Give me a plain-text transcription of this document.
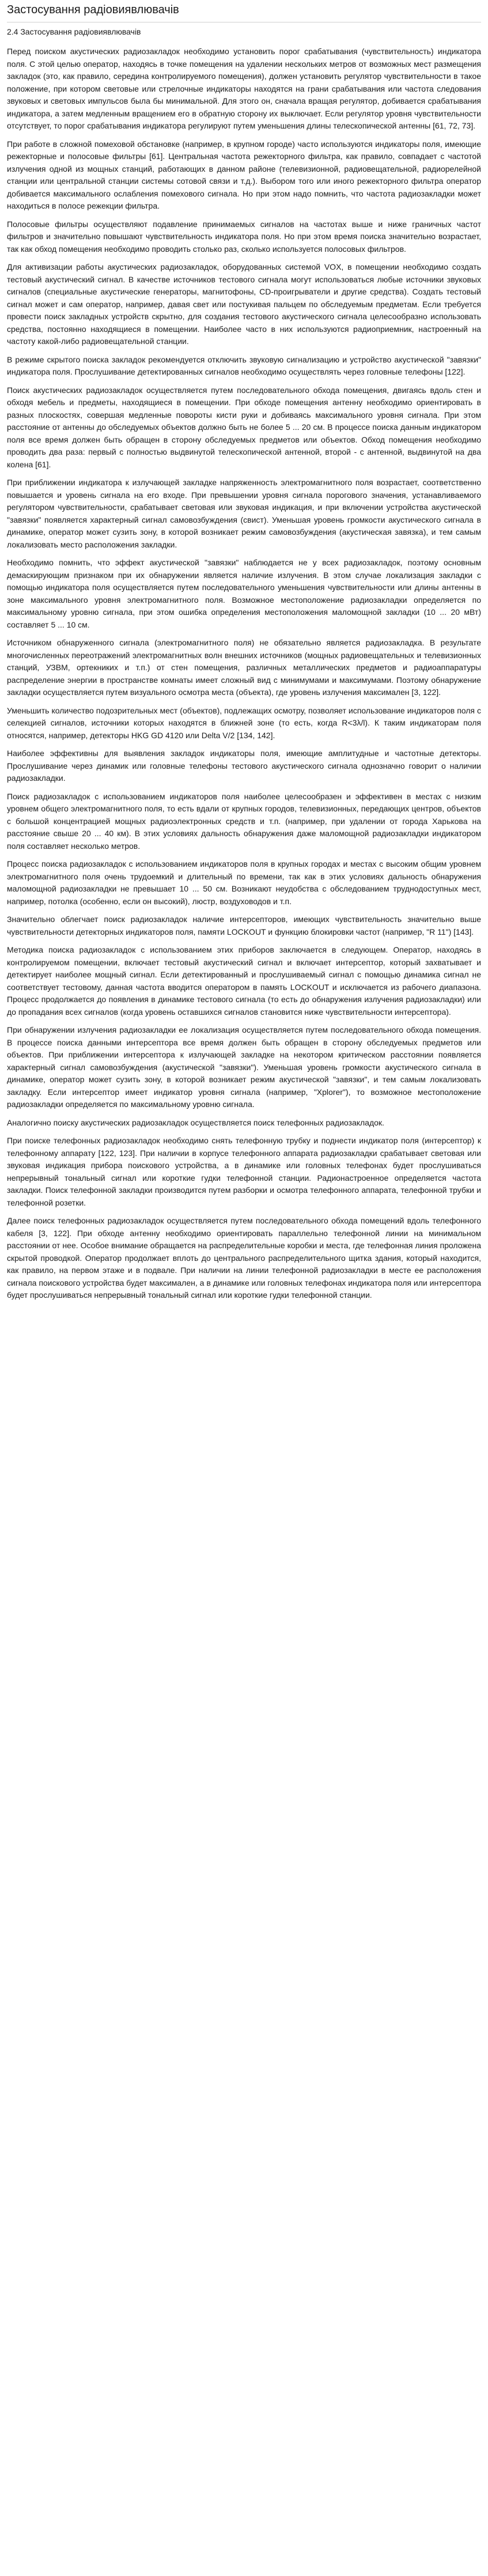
Застосування радіовиявлювачів
2.4 Застосування радіовиявлювачів

Перед поиском акустических радиозакладок необходимо установить порог срабатывания (чувствительность) индикатора поля. С этой целью оператор, находясь в точке помещения на удалении нескольких метров от возможных мест размещения закладок (это, как правило, середина контролируемого помещения), должен установить регулятор чувствительности в такое положение, при котором световые или стрелочные индикаторы находятся на грани срабатывания или частота следования звуковых и световых импульсов была бы минимальной. Для этого он, сначала вращая регулятор, добивается срабатывания индикатора, а затем медленным вращением его в обратную сторону их выключает. Если регулятор уровня чувствительности отсутствует, то порог срабатывания индикатора регулируют путем уменьшения длины телескопической антенны [61, 72, 73].

При работе в сложной помеховой обстановке (например, в крупном городе) часто используются индикаторы поля, имеющие режекторные и полосовые фильтры [61]. Центральная частота режекторного фильтра, как правило, совпадает с частотой излучения одной из мощных станций, работающих в данном районе (телевизионной, радиовещательной, радиорелейной станции или центральной станции системы сотовой связи и т.д.). Выбором того или иного режекторного фильтра оператор добивается максимального ослабления помехового сигнала. Но при этом надо помнить, что частота радиозакладки может находиться в полосе режекции фильтра.

Полосовые фильтры осуществляют подавление принимаемых сигналов на частотах выше и ниже граничных частот фильтров и значительно повышают чувствительность индикатора поля. Но при этом время поиска значительно возрастает, так как обход помещения необходимо проводить столько раз, сколько используется полосовых фильтров.

Для активизации работы акустических радиозакладок, оборудованных системой VOX, в помещении необходимо создать тестовый акустический сигнал. В качестве источников тестового сигнала могут использоваться любые источники звуковых сигналов (специальные акустические генераторы, магнитофоны, CD-проигрыватели и другие средства). Создать тестовый сигнал может и сам оператор, например, давая свет или постукивая пальцем по обследуемым предметам. Если требуется провести поиск закладных устройств скрытно, для создания тестового акустического сигнала целесообразно использовать средства, постоянно находящиеся в помещении. Наиболее часто в них используются радиоприемник, настроенный на частоту какой-либо радиовещательной станции.

В режиме скрытого поиска закладок рекомендуется отключить звуковую сигнализацию и устройство акустической "завязки" индикатора поля. Прослушивание детектированных сигналов необходимо осуществлять через головные телефоны [122].

Поиск акустических радиозакладок осуществляется путем последовательного обхода помещения, двигаясь вдоль стен и обходя мебель и предметы, находящиеся в помещении. При обходе помещения антенну необходимо ориентировать в разных плоскостях, совершая медленные повороты кисти руки и добиваясь максимального уровня сигнала. При этом расстояние от антенны до обследуемых объектов должно быть не более 5 ... 20 см. В процессе поиска данным индикатором поля все время должен быть обращен в сторону обследуемых предметов или объектов. Обход помещения необходимо проводить два раза: первый с полностью выдвинутой телескопической антенной, второй - с антенной, выдвинутой на два колена [61].

При приближении индикатора к излучающей закладке напряженность электромагнитного поля возрастает, соответственно повышается и уровень сигнала на его входе. При превышении уровня сигнала порогового значения, устанавливаемого регулятором чувствительности, срабатывает световая или звуковая индикация, и при включении устройства акустической "завязки" появляется характерный сигнал самовозбуждения (свист). Уменьшая уровень громкости акустического сигнала в динамике, оператор может сузить зону, в которой возникает режим самовозбуждения (акустическая завязка), и тем самым локализовать место расположения закладки.

Необходимо помнить, что эффект акустической "завязки" наблюдается не у всех радиозакладок, поэтому основным демаскирующим признаком при их обнаружении является наличие излучения. В этом случае локализация закладки с помощью индикатора поля осуществляется путем последовательного уменьшения чувствительности или длины антенны в зоне максимального уровня электромагнитного поля. Возможное местоположение радиозакладки определяется по максимальному уровню сигнала, при этом ошибка определения местоположения маломощной закладки (10 ... 20 мВт) составляет 5 ... 10 см.

Источником обнаруженного сигнала (электромагнитного поля) не обязательно является радиозакладка. В результате многочисленных переотражений электромагнитных волн внешних источников (мощных радиовещательных и телевизионных станций, УЗВМ, ортекниких и т.п.) от стен помещения, различных металлических предметов и радиоаппаратуры распределение энергии в пространстве комнаты имеет сложный вид с минимумами и максимумами. Поэтому обнаружение закладки осуществляется путем визуального осмотра места (объекта), где уровень излучения максимален [3, 122].

Уменьшить количество подозрительных мест (объектов), подлежащих осмотру, позволяет использование индикаторов поля с селекцией сигналов, источники которых находятся в ближней зоне (то есть, когда R<3λ/l). К таким индикаторам поля относятся, например, детекторы HKG GD 4120 или Delta V/2 [134, 142].

Наиболее эффективны для выявления закладок индикаторы поля, имеющие амплитудные и частотные детекторы. Прослушивание через динамик или головные телефоны тестового акустического сигнала однозначно говорит о наличии радиозакладки.

Поиск радиозакладок с использованием индикаторов поля наиболее целесообразен и эффективен в местах с низким уровнем общего электромагнитного поля, то есть вдали от крупных городов, телевизионных, передающих центров, объектов с большой концентрацией мощных радиоэлектронных средств и т.п. (например, при удалении от города Харькова на расстояние свыше 20 ... 40 км). В этих условиях дальность обнаружения даже маломощной радиозакладки индикатором поля составляет несколько метров.

Процесс поиска радиозакладок с использованием индикаторов поля в крупных городах и местах с высоким общим уровнем электромагнитного поля очень трудоемкий и длительный по времени, так как в этих условиях дальность обнаружения маломощной радиозакладки не превышает 10 ... 50 см. Возникают неудобства с обследованием труднодоступных мест, например, потолка (особенно, если он высокий), люстр, воздуховодов и т.п.

Значительно облегчает поиск радиозакладок наличие интерсепторов, имеющих чувствительность значительно выше чувствительности детекторных индикаторов поля, памяти LOCKOUT и функцию блокировки частот (например, "R 11") [143].

Методика поиска радиозакладок с использованием этих приборов заключается в следующем. Оператор, находясь в контролируемом помещении, включает тестовый акустический сигнал и включает интерсептор, который захватывает и детектирует наиболее мощный сигнал. Если детектированный и прослушиваемый сигнал с помощью динамика сигнал не соответствует тестовому, данная частота вводится оператором в память LOCKOUT и исключается из рабочего диапазона. Процесс продолжается до появления в динамике тестового сигнала (то есть до обнаружения излучения радиозакладки) или до пропадания всех сигналов (когда уровень оставшихся сигналов становится ниже чувствительности интерсептора).

При обнаружении излучения радиозакладки ее локализация осуществляется путем последовательного обхода помещения. В процессе поиска данными интерсептора все время должен быть обращен в сторону обследуемых предметов или объектов. При приближении интерсептора к излучающей закладке на некотором критическом расстоянии появляется характерный сигнал самовозбуждения (акустической "завязки"). Уменьшая уровень громкости акустического сигнала в динамике, оператор может сузить зону, в которой возникает режим акустической "завязки", и тем самым локализовать закладку. Если интерсептор имеет индикатор уровня сигнала (например, "Xplorer"), то возможное местоположение радиозакладки определяется по максимальному уровню сигнала.

Аналогично поиску акустических радиозакладок осуществляется поиск телефонных радиозакладок.

При поиске телефонных радиозакладок необходимо снять телефонную трубку и поднести индикатор поля (интерсептор) к телефонному аппарату [122, 123]. При наличии в корпусе телефонного аппарата радиозакладки срабатывает световая или звуковая индикация прибора поискового устройства, а в динамике или головных телефонах будет прослушиваться непрерывный тональный сигнал или короткие гудки телефонной станции. Радионастроенное определяется частота закладки. Поиск телефонной закладки производится путем разборки и осмотра телефонного аппарата, телефонной трубки и телефонной розетки.

Далее поиск телефонных радиозакладок осуществляется путем последовательного обхода помещений вдоль телефонного кабеля [3, 122]. При обходе антенну необходимо ориентировать параллельно телефонной линии на минимальном расстоянии от нее. Особое внимание обращается на распределительные коробки и места, где телефонная линия проложена скрытой проводкой. Оператор продолжает вплоть до центрального распределительного щитка здания, который находится, как правило, на первом этаже и в подвале. При наличии на линии телефонной радиозакладки в месте ее расположения сигнала поискового устройства будет максимален, а в динамике или головных телефонах индикатора поля или интерсептора будет прослушиваться непрерывный тональный сигнал или короткие гудки телефонной станции.
